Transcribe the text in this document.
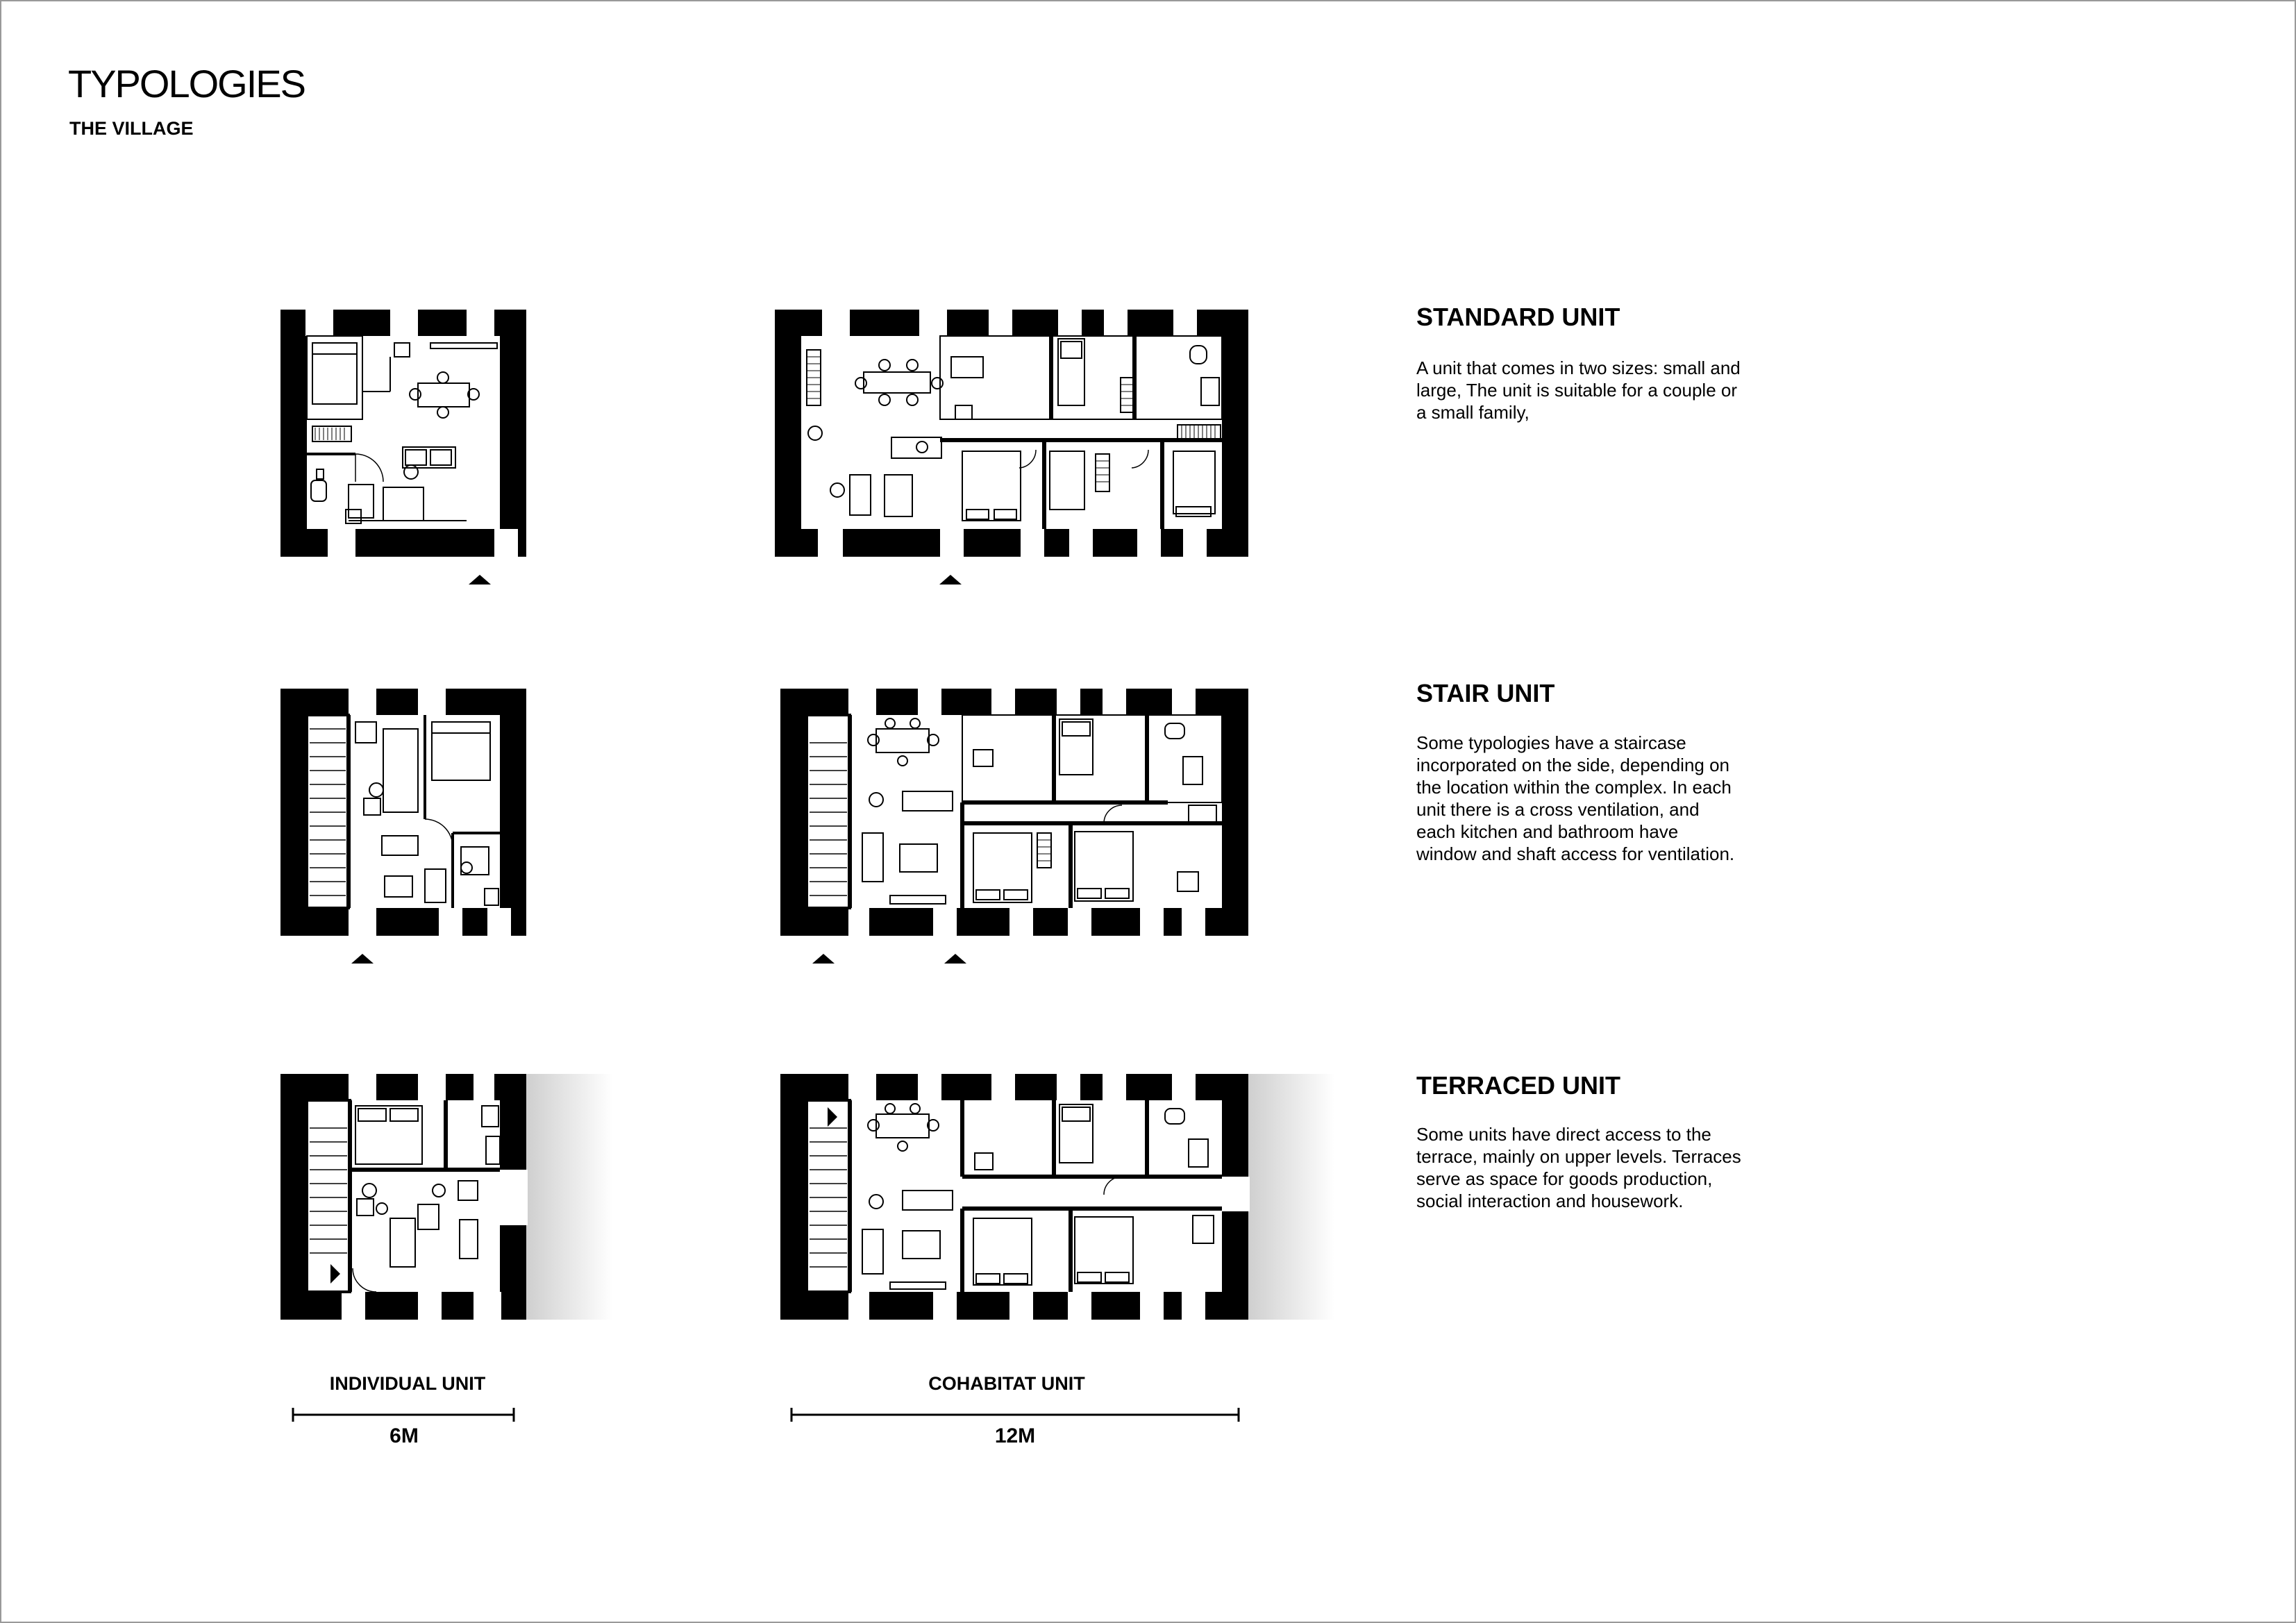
TYPOLOGIES
THE VILLAGE
STANDARD UNIT
A unit that comes in two sizes: small and large, The unit is suitable for a couple or a small family,
STAIR UNIT
Some typologies have a staircase incorporated on the side, depending on the location within the complex. In each unit there is a cross ventilation, and each kitchen and bathroom have window and shaft access for ventilation.
TERRACED UNIT
Some units have direct access to the terrace, mainly on upper levels. Terraces serve as space for goods production, social interaction and housework.
INDIVIDUAL UNIT
6M
COHABITAT UNIT
12M
